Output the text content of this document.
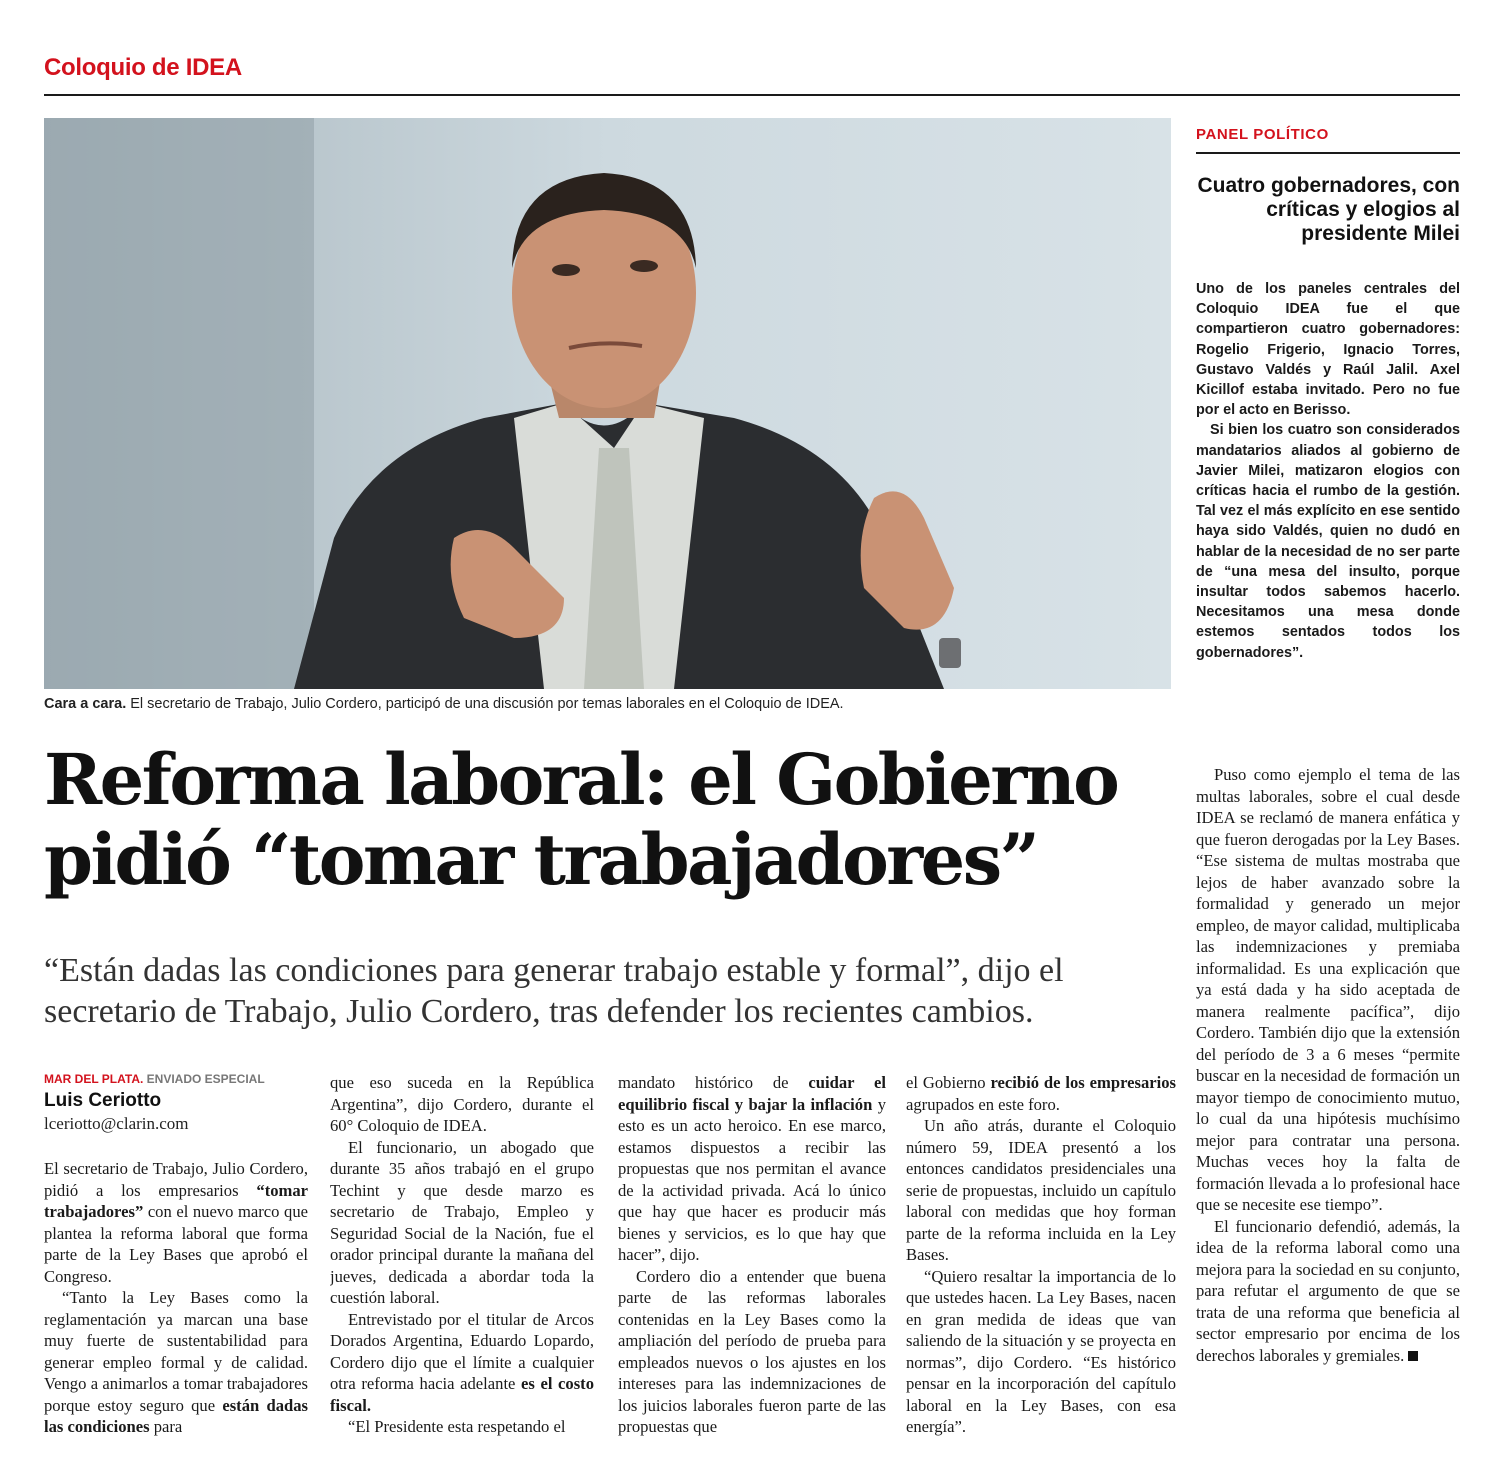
Coloquio de IDEA
Cara a cara. El secretario de Trabajo, Julio Cordero, participó de una discusión por temas laborales en el Coloquio de IDEA.
Reforma laboral: el Gobierno
pidió “tomar trabajadores”
“Están dadas las condiciones para generar trabajo estable y formal”, dijo el secretario de Trabajo, Julio Cordero, tras defender los recientes cambios.
MAR DEL PLATA. ENVIADO ESPECIAL
Luis Ceriotto
lceriotto@clarin.com

El secretario de Trabajo, Julio Cordero, pidió a los empresarios “tomar trabajadores” con el nuevo marco que plantea la reforma laboral que forma parte de la Ley Bases que aprobó el Congreso.

“Tanto la Ley Bases como la reglamentación ya marcan una base muy fuerte de sustentabilidad para generar empleo formal y de calidad. Vengo a animarlos a tomar trabajadores porque estoy seguro que están dadas las condiciones para

que eso suceda en la República Argentina”, dijo Cordero, durante el 60° Coloquio de IDEA.

El funcionario, un abogado que durante 35 años trabajó en el grupo Techint y que desde marzo es secretario de Trabajo, Empleo y Seguridad Social de la Nación, fue el orador principal durante la mañana del jueves, dedicada a abordar toda la cuestión laboral.

Entrevistado por el titular de Arcos Dorados Argentina, Eduardo Lopardo, Cordero dijo que el límite a cualquier otra reforma hacia adelante es el costo fiscal.

“El Presidente esta respetando el

mandato histórico de cuidar el equilibrio fiscal y bajar la inflación y esto es un acto heroico. En ese marco, estamos dispuestos a recibir las propuestas que nos permitan el avance de la actividad privada. Acá lo único que hay que hacer es producir más bienes y servicios, es lo que hay que hacer”, dijo.

Cordero dio a entender que buena parte de las reformas laborales contenidas en la Ley Bases como la ampliación del período de prueba para empleados nuevos o los ajustes en los intereses para las indemnizaciones de los juicios laborales fueron parte de las propuestas que

el Gobierno recibió de los empresarios agrupados en este foro.

Un año atrás, durante el Coloquio número 59, IDEA presentó a los entonces candidatos presidenciales una serie de propuestas, incluido un capítulo laboral con medidas que hoy forman parte de la reforma incluida en la Ley Bases.

“Quiero resaltar la importancia de lo que ustedes hacen. La Ley Bases, nacen en gran medida de ideas que van saliendo de la situación y se proyecta en normas”, dijo Cordero. “Es histórico pensar en la incorporación del capítulo laboral en la Ley Bases, con esa energía”.

Puso como ejemplo el tema de las multas laborales, sobre el cual desde IDEA se reclamó de manera enfática y que fueron derogadas por la Ley Bases. “Ese sistema de multas mostraba que lejos de haber avanzado sobre la formalidad y generado un mejor empleo, de mayor calidad, multiplicaba las indemnizaciones y premiaba informalidad. Es una explicación que ya está dada y ha sido aceptada de manera realmente pacífica”, dijo Cordero. También dijo que la extensión del período de 3 a 6 meses “permite buscar en la necesidad de formación un mayor tiempo de conocimiento mutuo, lo cual da una hipótesis muchísimo mejor para contratar una persona. Muchas veces hoy la falta de formación llevada a lo profesional hace que se necesite ese tiempo”.

El funcionario defendió, además, la idea de la reforma laboral como una mejora para la sociedad en su conjunto, para refutar el argumento de que se trata de una reforma que beneficia al sector empresario por encima de los derechos laborales y gremiales.

PANEL POLÍTICO
Cuatro gobernadores, con críticas y elogios al presidente Milei

Uno de los paneles centrales del Coloquio IDEA fue el que compartieron cuatro gobernadores: Rogelio Frigerio, Ignacio Torres, Gustavo Valdés y Raúl Jalil. Axel Kicillof estaba invitado. Pero no fue por el acto en Berisso.

Si bien los cuatro son considerados mandatarios aliados al gobierno de Javier Milei, matizaron elogios con críticas hacia el rumbo de la gestión. Tal vez el más explícito en ese sentido haya sido Valdés, quien no dudó en hablar de la necesidad de no ser parte de “una mesa del insulto, porque insultar todos sabemos hacerlo. Necesitamos una mesa donde estemos sentados todos los gobernadores”.
